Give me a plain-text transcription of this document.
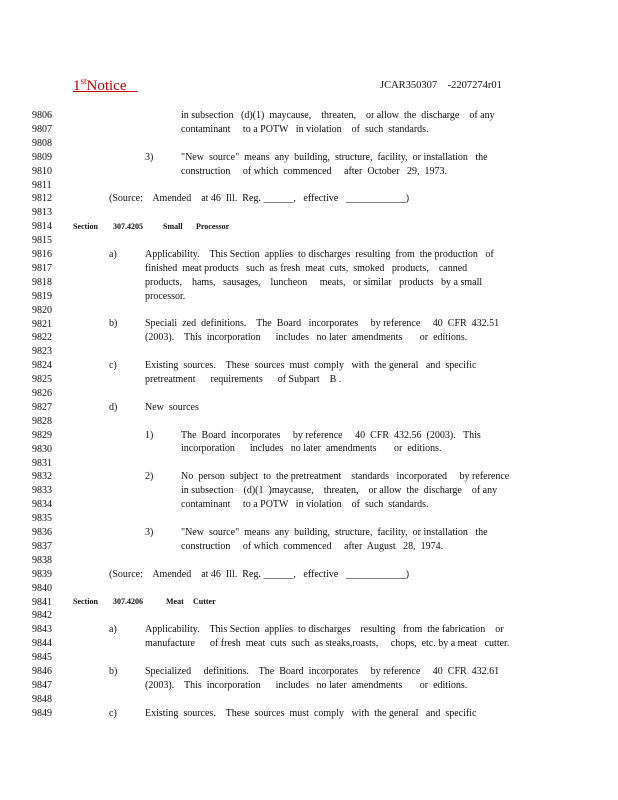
1stNotice	JCAR350307    -2207274r01
9806
9807
9808
9809
9810
9811
9812
9813
9814
9815
9816
9817
9818
9819
9820
9821
9822
9823
9824
9825
9826
9827
9828
9829
9830
9831
9832
9833
9834
9835
9836
9837
9838
9839
9840
9841
9842
9843
9844
9845
9846
9847
9848
9849
in subsection   (d)(1)  maycause,    threaten,    or allow  the  discharge    of any
contaminant     to a POTW   in violation    of  such  standards.
3)	"New  source"  means  any  building,  structure,  facility,  or installation   the
construction     of which  commenced     after  October   29,  1973.
(Source:    Amended    at 46  Ill.  Reg. ______,   effective   ____________)
Section 307.4205	Small Processor
a)	Applicability.    This Section  applies  to discharges  resulting  from  the production   of
finished  meat products   such  as fresh  meat  cuts,  smoked   products,    canned
products,    hams,   sausages,    luncheon     meats,   or similar   products   by a small
processor.
b)	Speciali  zed  definitions.    The  Board   incorporates     by reference     40  CFR  432.51
(2003).    This  incorporation      includes   no later  amendments       or  editions.
c)	Existing  sources.    These  sources  must  comply   with  the general   and  specific
pretreatment      requirements      of Subpart    B .
d)	New  sources
1)	The  Board  incorporates     by reference     40  CFR  432.56  (2003).   This
incorporation      includes   no later  amendments       or  editions.
2)	No  person  subject  to  the pretreatment    standards   incorporated     by reference
in subsection    (d)(1  )maycause,    threaten,    or allow  the  discharge    of any
contaminant     to a POTW   in violation    of  such  standards.
3)	"New  source"  means  any  building,  structure,  facility,  or installation   the
construction     of which  commenced     after  August   28,  1974.
(Source:    Amended    at 46  Ill.  Reg. ______,   effective   ____________)
Section 307.4206	Meat Cutter
a)	Applicability.    This Section  applies  to discharges    resulting   from  the fabrication    or
manufacture      of fresh  meat  cuts  such  as steaks,roasts,     chops,  etc. by a meat   cutter.
b)	Specialized     definitions.    The  Board  incorporates     by reference     40  CFR  432.61
(2003).    This  incorporation      includes   no later  amendments       or  editions.
c)	Existing  sources.    These  sources  must  comply   with  the general   and  specific
